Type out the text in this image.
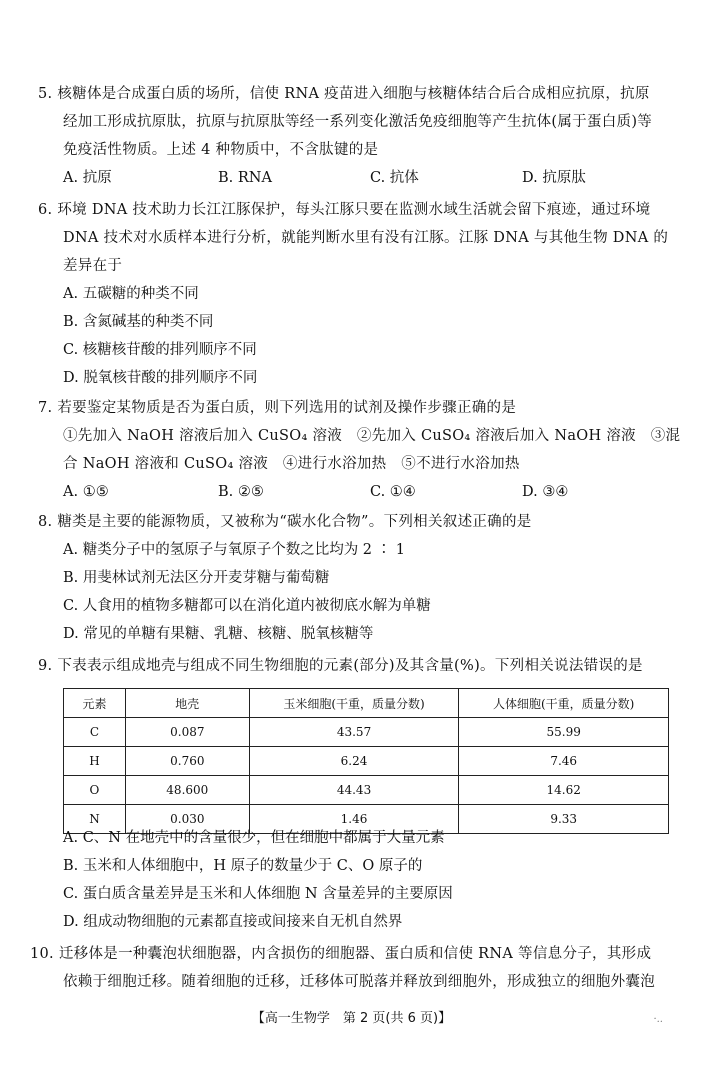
5. 核糖体是合成蛋白质的场所，信使 RNA 疫苗进入细胞与核糖体结合后合成相应抗原，抗原
经加工形成抗原肽，抗原与抗原肽等经一系列变化激活免疫细胞等产生抗体(属于蛋白质)等
免疫活性物质。上述 4 种物质中，不含肽键的是
A. 抗原	B. RNA	C. 抗体	D. 抗原肽
6. 环境 DNA 技术助力长江江豚保护，每头江豚只要在监测水域生活就会留下痕迹，通过环境
DNA 技术对水质样本进行分析，就能判断水里有没有江豚。江豚 DNA 与其他生物 DNA 的
差异在于
A. 五碳糖的种类不同
B. 含氮碱基的种类不同
C. 核糖核苷酸的排列顺序不同
D. 脱氧核苷酸的排列顺序不同
7. 若要鉴定某物质是否为蛋白质，则下列选用的试剂及操作步骤正确的是
①先加入 NaOH 溶液后加入 CuSO₄ 溶液　②先加入 CuSO₄ 溶液后加入 NaOH 溶液　③混
合 NaOH 溶液和 CuSO₄ 溶液　④进行水浴加热　⑤不进行水浴加热
A. ①⑤	B. ②⑤	C. ①④	D. ③④
8. 糖类是主要的能源物质，又被称为“碳水化合物”。下列相关叙述正确的是
A. 糖类分子中的氢原子与氧原子个数之比均为 2 ∶ 1
B. 用斐林试剂无法区分开麦芽糖与葡萄糖
C. 人食用的植物多糖都可以在消化道内被彻底水解为单糖
D. 常见的单糖有果糖、乳糖、核糖、脱氧核糖等
9. 下表表示组成地壳与组成不同生物细胞的元素(部分)及其含量(%)。下列相关说法错误的是
元素	地壳	玉米细胞(干重，质量分数)	人体细胞(干重，质量分数)
C	0.087	43.57	55.99
H	0.760	6.24	7.46
O	48.600	44.43	14.62
N	0.030	1.46	9.33
A. C、N 在地壳中的含量很少，但在细胞中都属于大量元素
B. 玉米和人体细胞中，H 原子的数量少于 C、O 原子的
C. 蛋白质含量差异是玉米和人体细胞 N 含量差异的主要原因
D. 组成动物细胞的元素都直接或间接来自无机自然界
10. 迁移体是一种囊泡状细胞器，内含损伤的细胞器、蛋白质和信使 RNA 等信息分子，其形成
依赖于细胞迁移。随着细胞的迁移，迁移体可脱落并释放到细胞外，形成独立的细胞外囊泡
【高一生物学　第 2 页(共 6 页)】	·..
